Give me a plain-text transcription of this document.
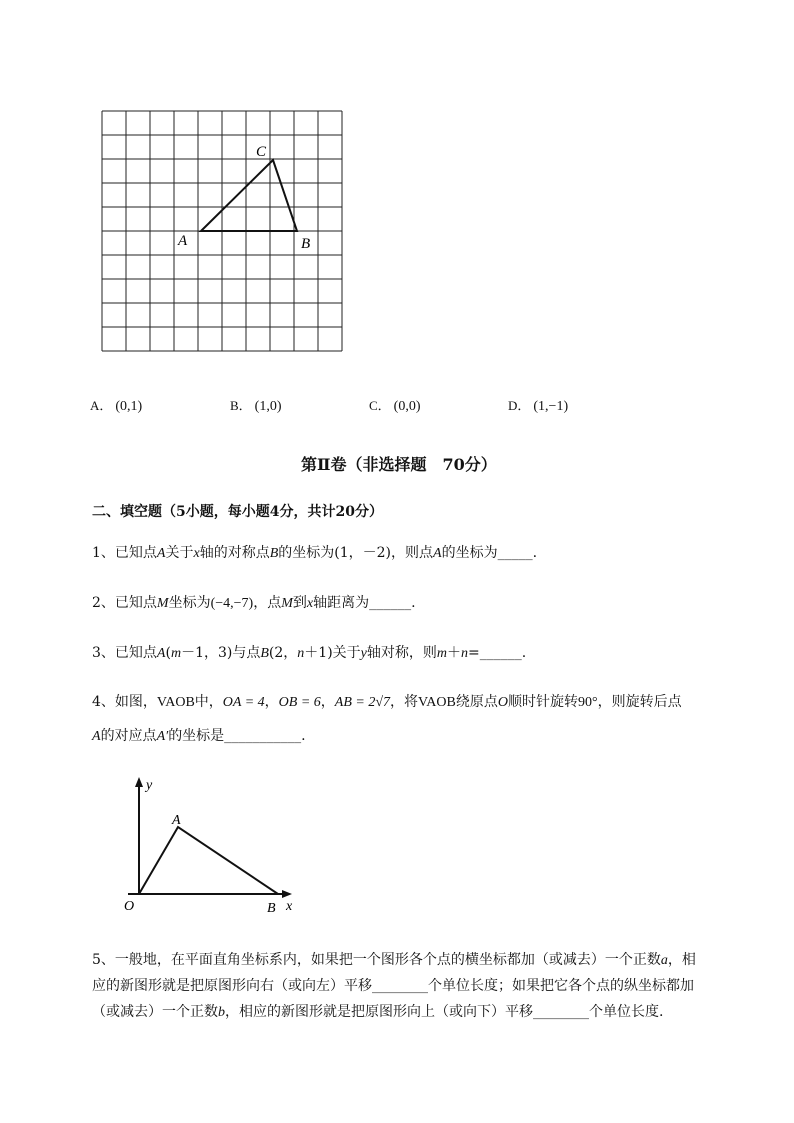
C
A	B
A． (0,1)	B． (1,0)	C． (0,0)	D． (1,−1)
第Ⅱ卷（非选择题　70分）
二、填空题（5小题，每小题4分，共计20分）
1、已知点A关于x轴的对称点B的坐标为(1，－2)，则点A的坐标为_____.
2、已知点M坐标为(−4,−7)，点M到x轴距离为______.
3、已知点A(m－1，3)与点B(2，n＋1)关于y轴对称，则m＋n=______.
4、如图，VAOB中，OA = 4，OB = 6，AB = 2√7，将VAOB绕原点O顺时针旋转90°，则旋转后点
A的对应点A′的坐标是___________.
y
A
O	B x
5、一般地，在平面直角坐标系内，如果把一个图形各个点的横坐标都加（或减去）一个正数a，相
应的新图形就是把原图形向右（或向左）平移________个单位长度；如果把它各个点的纵坐标都加
（或减去）一个正数b，相应的新图形就是把原图形向上（或向下）平移________个单位长度.
